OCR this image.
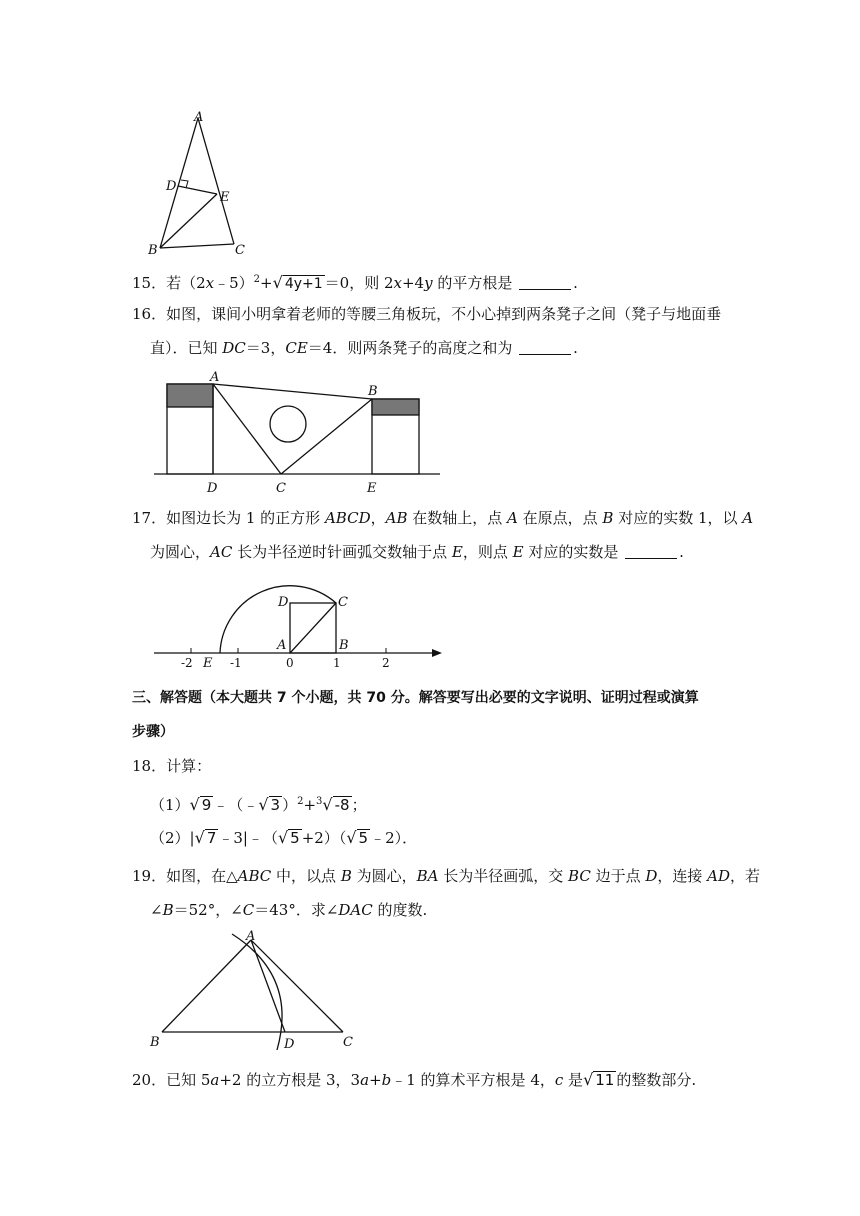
A
D
E
B	C
15．若（2x﹣5）$^2$+√ 4y+1 ＝0，则 2x+4y 的平方根是	.
16．如图，课间小明拿着老师的等腰三角板玩，不小心掉到两条凳子之间（凳子与地面垂
直）．已知 DC＝3，CE＝4．则两条凳子的高度之和为	.
A
B
D	C	E
17．如图边长为 1 的正方形 ABCD，AB 在数轴上，点 A 在原点，点 B 对应的实数 1，以 A
为圆心，AC 长为半径逆时针画弧交数轴于点 E，则点 E 对应的实数是	.
D	C
A	B
E
-2	-1	0	1	2
三、解答题（本大题共 7 个小题，共 70 分。解答要写出必要的文字说明、证明过程或演算
步骤）
18．计算：
（1）√ 9 ﹣（﹣√ 3 ）$^2$+$^3$√ -8 ；
（2）|√ 7 ﹣3|﹣（√ 5 +2）（√ 5 ﹣2）．
19．如图，在△ABC 中，以点 B 为圆心，BA 长为半径画弧，交 BC 边于点 D，连接 AD，若
∠B＝52°，∠C＝43°．求∠DAC 的度数.
A
B	C
D
20．已知 5a+2 的立方根是 3，3a+b﹣1 的算术平方根是 4，c 是√ 11 的整数部分.
